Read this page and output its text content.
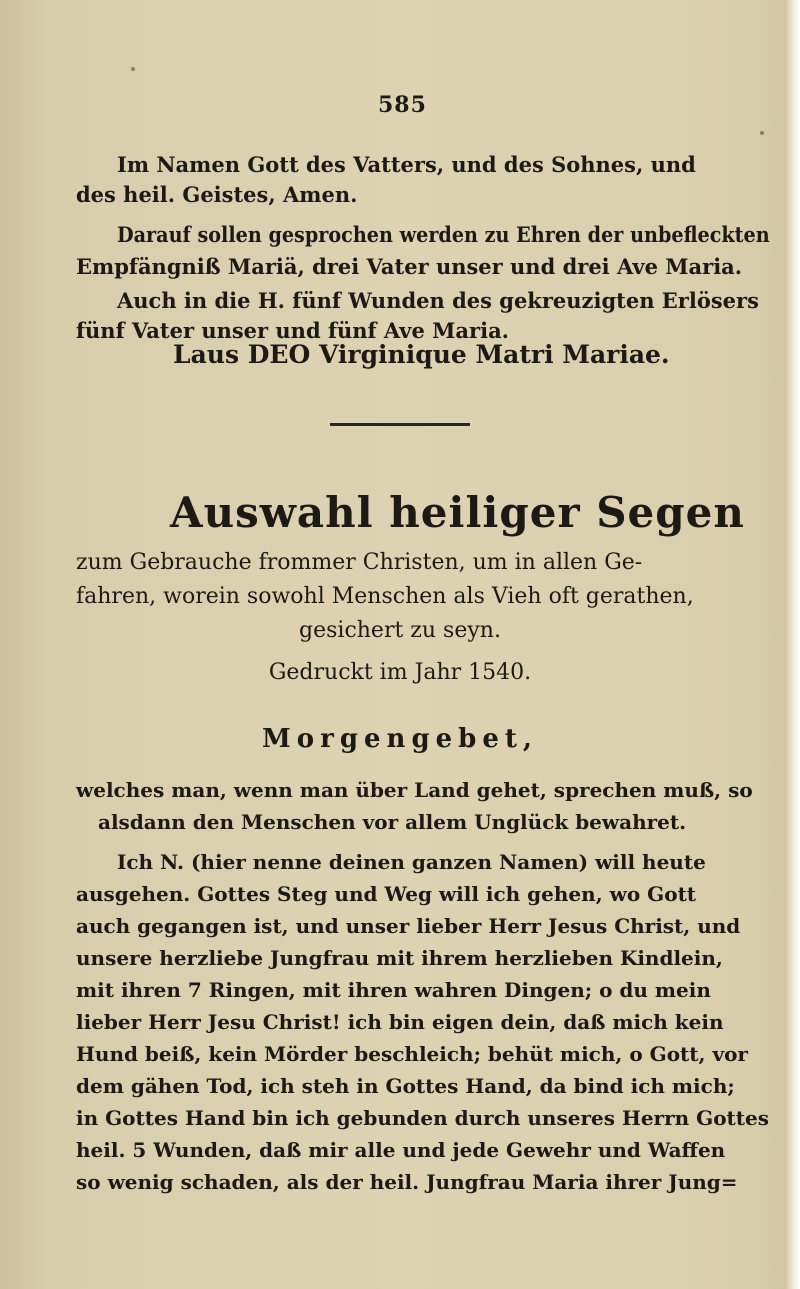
585
Im Namen Gott des Vatters, und des Sohnes, und
des heil. Geistes, Amen.
Darauf sollen gesprochen werden zu Ehren der unbefleckten
Empfängniß Mariä, drei Vater unser und drei Ave Maria.
Auch in die H. fünf Wunden des gekreuzigten Erlösers
fünf Vater unser und fünf Ave Maria.
Laus DEO Virginique Matri Mariae.
Auswahl heiliger Segen
zum Gebrauche frommer Christen, um in allen Ge-
fahren, worein sowohl Menschen als Vieh oft gerathen,
gesichert zu seyn.
Gedruckt im Jahr 1540.
Morgengebet,
welches man, wenn man über Land gehet, sprechen muß, so
alsdann den Menschen vor allem Unglück bewahret.
Ich N. (hier nenne deinen ganzen Namen) will heute
ausgehen. Gottes Steg und Weg will ich gehen, wo Gott
auch gegangen ist, und unser lieber Herr Jesus Christ, und
unsere herzliebe Jungfrau mit ihrem herzlieben Kindlein,
mit ihren 7 Ringen, mit ihren wahren Dingen; o du mein
lieber Herr Jesu Christ! ich bin eigen dein, daß mich kein
Hund beiß, kein Mörder beschleich; behüt mich, o Gott, vor
dem gähen Tod, ich steh in Gottes Hand, da bind ich mich;
in Gottes Hand bin ich gebunden durch unseres Herrn Gottes
heil. 5 Wunden, daß mir alle und jede Gewehr und Waffen
so wenig schaden, als der heil. Jungfrau Maria ihrer Jung=
